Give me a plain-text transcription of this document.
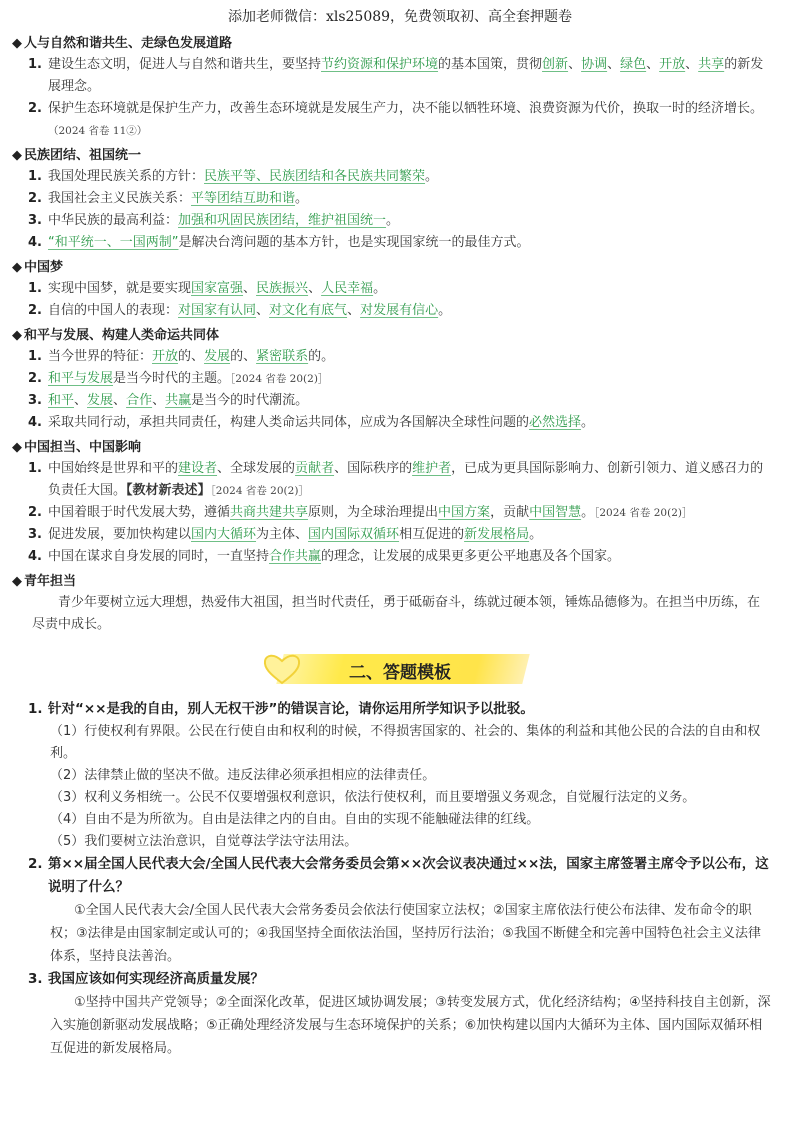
添加老师微信：xls25089，免费领取初、高全套押题卷
◆ 人与自然和谐共生、走绿色发展道路
1. 建设生态文明，促进人与自然和谐共生，要坚持节约资源和保护环境的基本国策，贯彻创新、协调、绿色、开放、共享的新发展理念。
2. 保护生态环境就是保护生产力，改善生态环境就是发展生产力，决不能以牺牲环境、浪费资源为代价，换取一时的经济增长。（2024 省卷 11②）
◆ 民族团结、祖国统一
1. 我国处理民族关系的方针：民族平等、民族团结和各民族共同繁荣。
2. 我国社会主义民族关系：平等团结互助和谐。
3. 中华民族的最高利益：加强和巩固民族团结，维护祖国统一。
4. “和平统一、一国两制”是解决台湾问题的基本方针，也是实现国家统一的最佳方式。
◆ 中国梦
1. 实现中国梦，就是要实现国家富强、民族振兴、人民幸福。
2. 自信的中国人的表现：对国家有认同、对文化有底气、对发展有信心。
◆ 和平与发展、构建人类命运共同体
1. 当今世界的特征：开放的、发展的、紧密联系的。
2. 和平与发展是当今时代的主题。［2024 省卷 20(2)］
3. 和平、发展、合作、共赢是当今的时代潮流。
4. 采取共同行动，承担共同责任，构建人类命运共同体，应成为各国解决全球性问题的必然选择。
◆ 中国担当、中国影响
1. 中国始终是世界和平的建设者、全球发展的贡献者、国际秩序的维护者，已成为更具国际影响力、创新引领力、道义感召力的负责任大国。【教材新表述】［2024 省卷 20(2)］
2. 中国着眼于时代发展大势，遵循共商共建共享原则，为全球治理提出中国方案，贡献中国智慧。［2024 省卷 20(2)］
3. 促进发展，要加快构建以国内大循环为主体、国内国际双循环相互促进的新发展格局。
4. 中国在谋求自身发展的同时，一直坚持合作共赢的理念，让发展的成果更多更公平地惠及各个国家。
◆ 青年担当
青少年要树立远大理想，热爱伟大祖国，担当时代责任，勇于砥砺奋斗，练就过硬本领，锤炼品德修为。在担当中历练，在尽责中成长。
二、答题模板
1. 针对“××是我的自由，别人无权干涉”的错误言论，请你运用所学知识予以批驳。
（1）行使权利有界限。公民在行使自由和权利的时候，不得损害国家的、社会的、集体的利益和其他公民的合法的自由和权利。
（2）法律禁止做的坚决不做。违反法律必须承担相应的法律责任。
（3）权利义务相统一。公民不仅要增强权利意识，依法行使权利，而且要增强义务观念，自觉履行法定的义务。
（4）自由不是为所欲为。自由是法律之内的自由。自由的实现不能触碰法律的红线。
（5）我们要树立法治意识，自觉尊法学法守法用法。
2. 第××届全国人民代表大会/全国人民代表大会常务委员会第××次会议表决通过××法，国家主席签署主席令予以公布，这说明了什么？
①全国人民代表大会/全国人民代表大会常务委员会依法行使国家立法权；②国家主席依法行使公布法律、发布命令的职权；③法律是由国家制定或认可的；④我国坚持全面依法治国，坚持厉行法治；⑤我国不断健全和完善中国特色社会主义法律体系，坚持良法善治。
3. 我国应该如何实现经济高质量发展？
①坚持中国共产党领导；②全面深化改革，促进区域协调发展；③转变发展方式，优化经济结构；④坚持科技自主创新，深入实施创新驱动发展战略；⑤正确处理经济发展与生态环境保护的关系；⑥加快构建以国内大循环为主体、国内国际双循环相互促进的新发展格局。
